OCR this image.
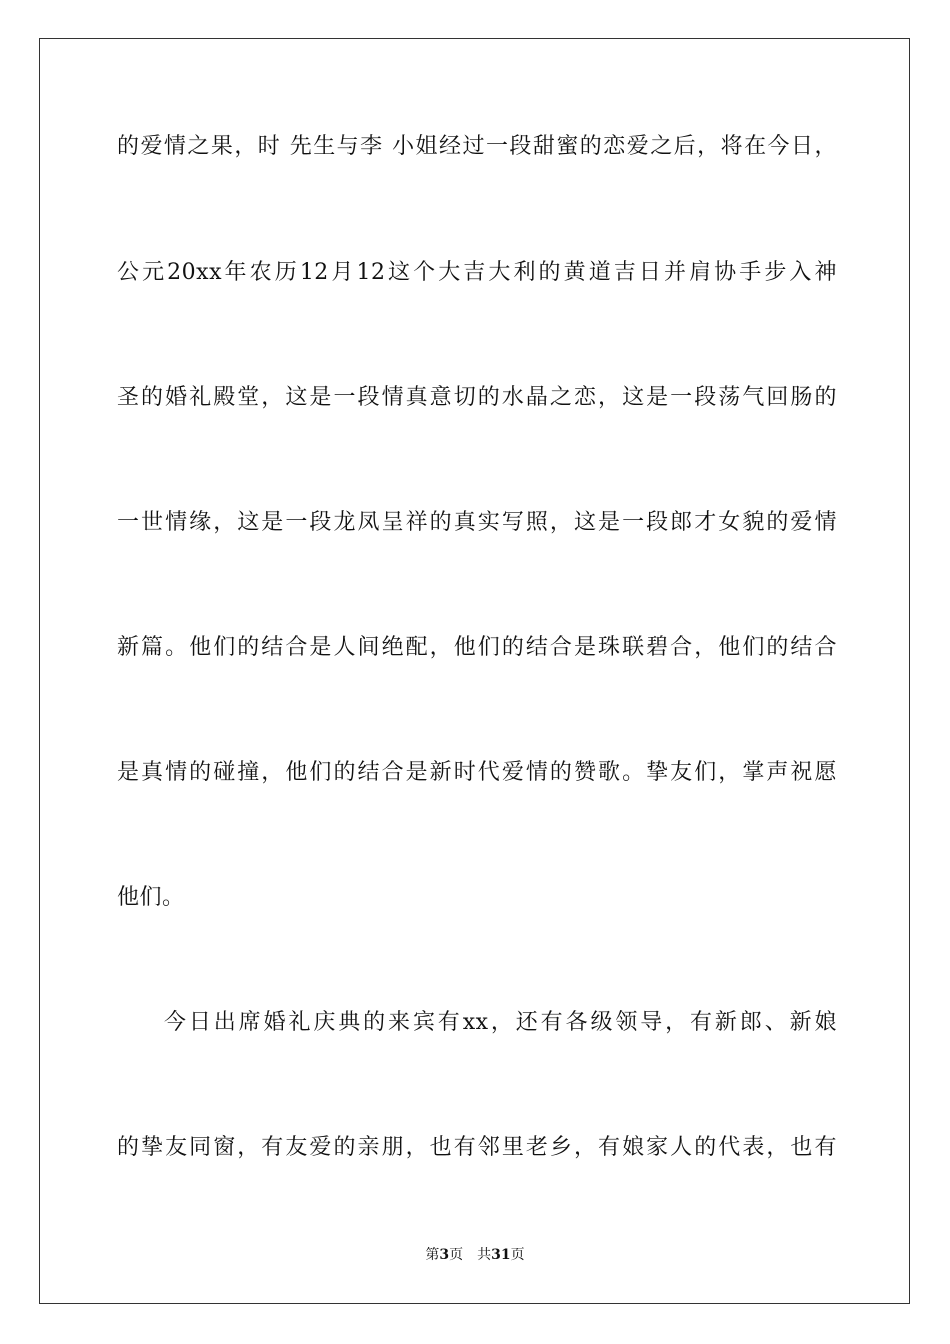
的爱情之果，时 先生与李 小姐经过一段甜蜜的恋爱之后，将在今日，
公元20xx年农历12月12这个大吉大利的黄道吉日并肩协手步入神
圣的婚礼殿堂，这是一段情真意切的水晶之恋，这是一段荡气回肠的
一世情缘，这是一段龙凤呈祥的真实写照，这是一段郎才女貌的爱情
新篇。他们的结合是人间绝配，他们的结合是珠联碧合，他们的结合
是真情的碰撞，他们的结合是新时代爱情的赞歌。挚友们，掌声祝愿
他们。
今日出席婚礼庆典的来宾有xx，还有各级领导，有新郎、新娘
的挚友同窗，有友爱的亲朋，也有邻里老乡，有娘家人的代表，也有
第3页 共31页
